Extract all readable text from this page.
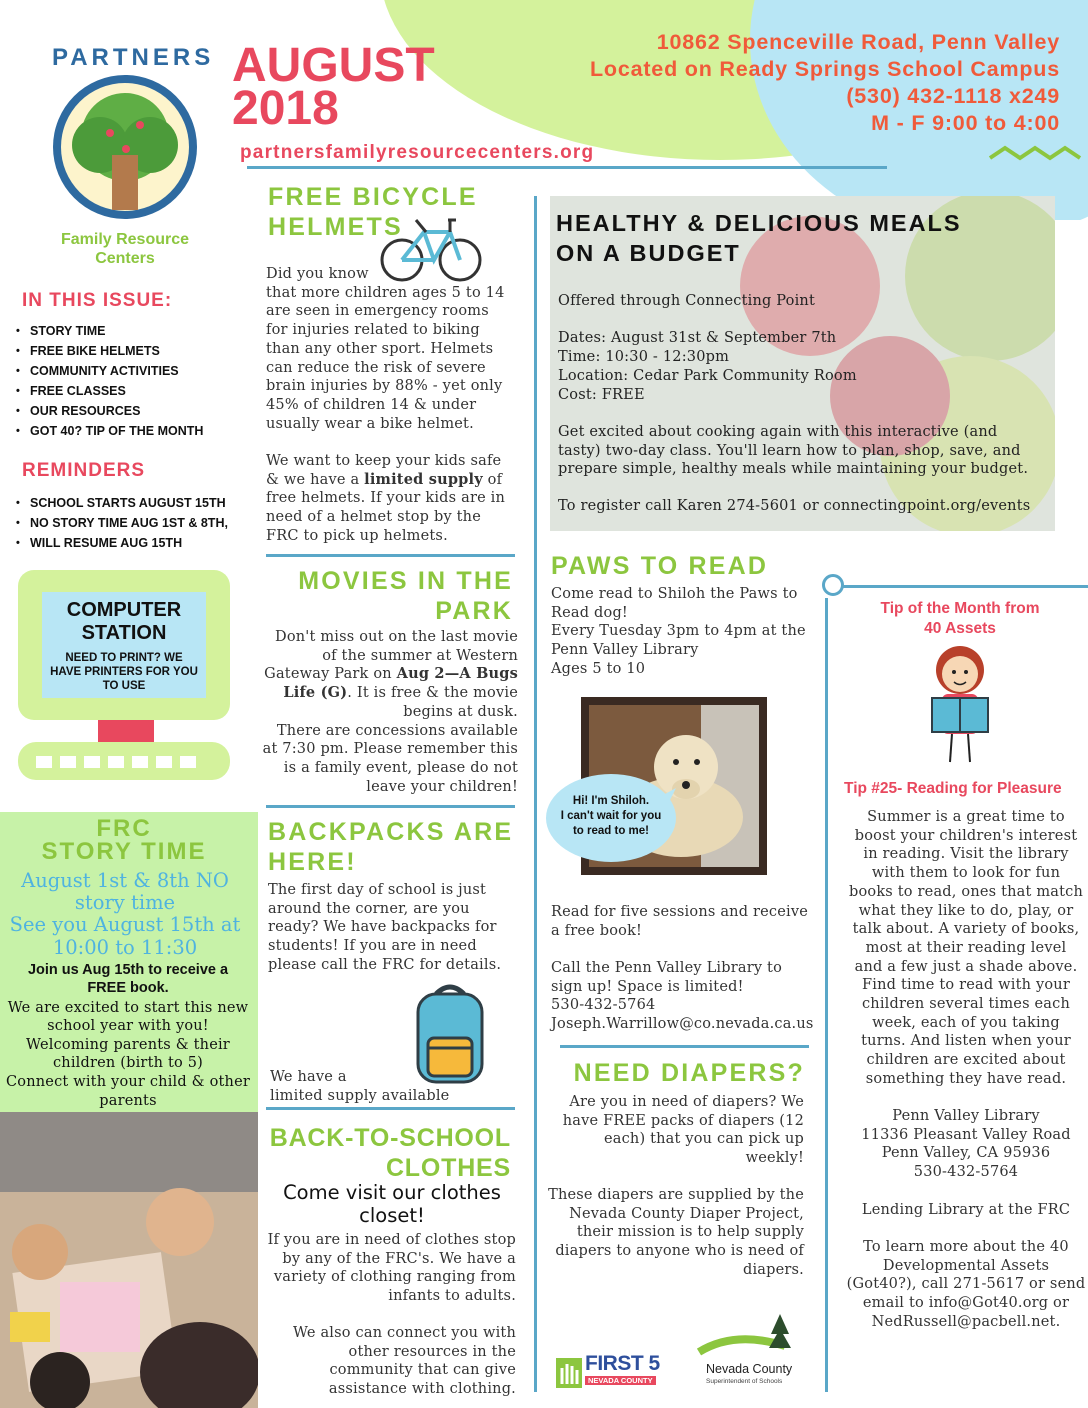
PARTNERS
Family Resource
Centers
AUGUST
2018
partnersfamilyresourcecenters.org
10862 Spenceville Road, Penn Valley
Located on Ready Springs School Campus
(530) 432-1118 x249
M - F 9:00 to 4:00
IN THIS ISSUE:
• STORY TIME
• FREE BIKE HELMETS
• COMMUNITY ACTIVITIES
• FREE CLASSES
• OUR RESOURCES
• GOT 40? TIP OF THE MONTH
REMINDERS
• SCHOOL STARTS AUGUST 15TH
• NO STORY TIME AUG 1ST & 8TH,
• WILL RESUME AUG 15TH
COMPUTER
STATION
NEED TO PRINT? WE HAVE PRINTERS FOR YOU TO USE
FRC
STORY TIME
August 1st & 8th NO
story time
See you August 15th at
10:00 to 11:30
Join us Aug 15th to receive a
FREE book.
We are excited to start this new
school year with you!
Welcoming parents & their
children (birth to 5)
Connect with your child & other
parents
FREE BICYCLE
HELMETS
Did you know
that more children ages 5 to 14
are seen in emergency rooms
for injuries related to biking
than any other sport. Helmets
can reduce the risk of severe
brain injuries by 88% - yet only
45% of children 14 & under
usually wear a bike helmet.
We want to keep your kids safe
& we have a limited supply of
free helmets. If your kids are in
need of a helmet stop by the
FRC to pick up helmets.
MOVIES IN THE
PARK
Don't miss out on the last movie
of the summer at Western
Gateway Park on Aug 2—A Bugs
Life (G). It is free & the movie
begins at dusk.
There are concessions available
at 7:30 pm. Please remember this
is a family event, please do not
leave your children!
BACKPACKS ARE
HERE!
The first day of school is just
around the corner, are you
ready? We have backpacks for
students! If you are in need
please call the FRC for details.
We have a
limited supply available
BACK-TO-SCHOOL
CLOTHES
Come visit our clothes
closet!
If you are in need of clothes stop
by any of the FRC's. We have a
variety of clothing ranging from
infants to adults.
We also can connect you with
other resources in the
community that can give
assistance with clothing.
HEALTHY & DELICIOUS MEALS
ON A BUDGET
Offered through Connecting Point
Dates: August 31st & September 7th
Time: 10:30 - 12:30pm
Location: Cedar Park Community Room
Cost: FREE
Get excited about cooking again with this interactive (and
tasty) two-day class. You'll learn how to plan, shop, save, and
prepare simple, healthy meals while maintaining your budget.
To register call Karen 274-5601 or connectingpoint.org/events
PAWS TO READ
Come read to Shiloh the Paws to
Read dog!
Every Tuesday 3pm to 4pm at the
Penn Valley Library
Ages 5 to 10
Hi! I'm Shiloh.
I can't wait for you
to read to me!
Read for five sessions and receive
a free book!
Call the Penn Valley Library to
sign up! Space is limited!
530-432-5764
Joseph.Warrillow@co.nevada.ca.us
NEED DIAPERS?
Are you in need of diapers? We
have FREE packs of diapers (12
each) that you can pick up
weekly!
These diapers are supplied by the
Nevada County Diaper Project,
their mission is to help supply
diapers to anyone who is need of
diapers.
FIRST 5
NEVADA COUNTY
Nevada County
Superintendent of Schools
Tip of the Month from
40 Assets
Tip #25- Reading for Pleasure
Summer is a great time to
boost your children's interest
in reading. Visit the library
with them to look for fun
books to read, ones that match
what they like to do, play, or
talk about. A variety of books,
most at their reading level
and a few just a shade above.
Find time to read with your
children several times each
week, each of you taking
turns. And listen when your
children are excited about
something they have read.
Penn Valley Library
11336 Pleasant Valley Road
Penn Valley, CA 95936
530-432-5764
Lending Library at the FRC
To learn more about the 40
Developmental Assets
(Got40?), call 271-5617 or send
email to info@Got40.org or
NedRussell@pacbell.net.
